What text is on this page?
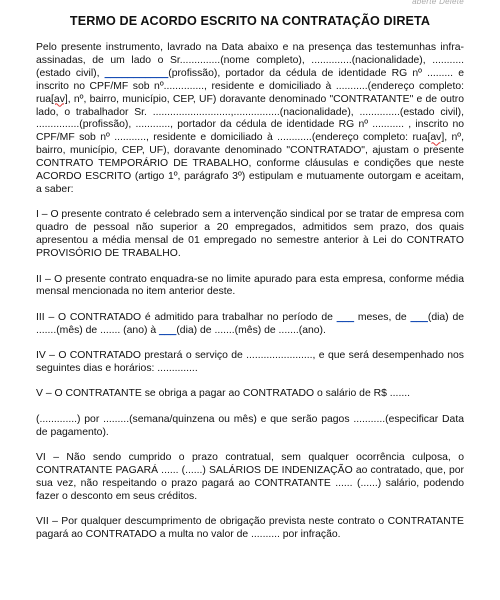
aberte Delete
TERMO DE ACORDO ESCRITO NA CONTRATAÇÃO DIRETA

Pelo presente instrumento, lavrado na Data abaixo e na presença das testemunhas infra-assinadas, de um lado o Sr..............(nome completo), ..............(nacionalidade), ...........(estado civil), ___________(profissão), portador da cédula de identidade RG nº ......... e inscrito no CPF/MF sob nº.............., residente e domiciliado à ...........(endereço completo: rua[av], nº, bairro, município, CEP, UF) doravante denominado "CONTRATANTE" e de outro lado, o trabalhador Sr. ...........................,................(nacionalidade), ..............(estado civil), ...............(profissão), ............, portador da cédula de identidade RG nº ........... , inscrito no CPF/MF sob nº ..........., residente e domiciliado à ............(endereço completo: rua[av], nº, bairro, município, CEP, UF), doravante denominado "CONTRATADO", ajustam o presente CONTRATO TEMPORÁRIO DE TRABALHO, conforme cláusulas e condições que neste ACORDO ESCRITO (artigo 1º, parágrafo 3º) estipulam e mutuamente outorgam e aceitam, a saber:

I – O presente contrato é celebrado sem a intervenção sindical por se tratar de empresa com quadro de pessoal não superior a 20 empregados, admitidos sem prazo, dos quais apresentou a média mensal de 01 empregado no semestre anterior à Lei do CONTRATO PROVISÓRIO DE TRABALHO.

II – O presente contrato enquadra-se no limite apurado para esta empresa, conforme média mensal mencionada no item anterior deste.

III – O CONTRATADO é admitido para trabalhar no período de ___ meses, de ___(dia) de .......(mês) de ....... (ano) à ___(dia) de .......(mês) de .......(ano).

IV – O CONTRATADO prestará o serviço de ......................., e que será desempenhado nos seguintes dias e horários: ..............

V – O CONTRATANTE se obriga a pagar ao CONTRATADO o salário de R$ .......

(.............) por .........(semana/quinzena ou mês) e que serão pagos ...........(especificar Data de pagamento).

VI – Não sendo cumprido o prazo contratual, sem qualquer ocorrência culposa, o CONTRATANTE PAGARÁ ...... (......) SALÁRIOS DE INDENIZAÇÃO ao contratado, que, por sua vez, não respeitando o prazo pagará ao CONTRATANTE ...... (......) salário, podendo fazer o desconto em seus créditos.

VII – Por qualquer descumprimento de obrigação prevista neste contrato o CONTRATANTE pagará ao CONTRATADO a multa no valor de .......... por infração.
